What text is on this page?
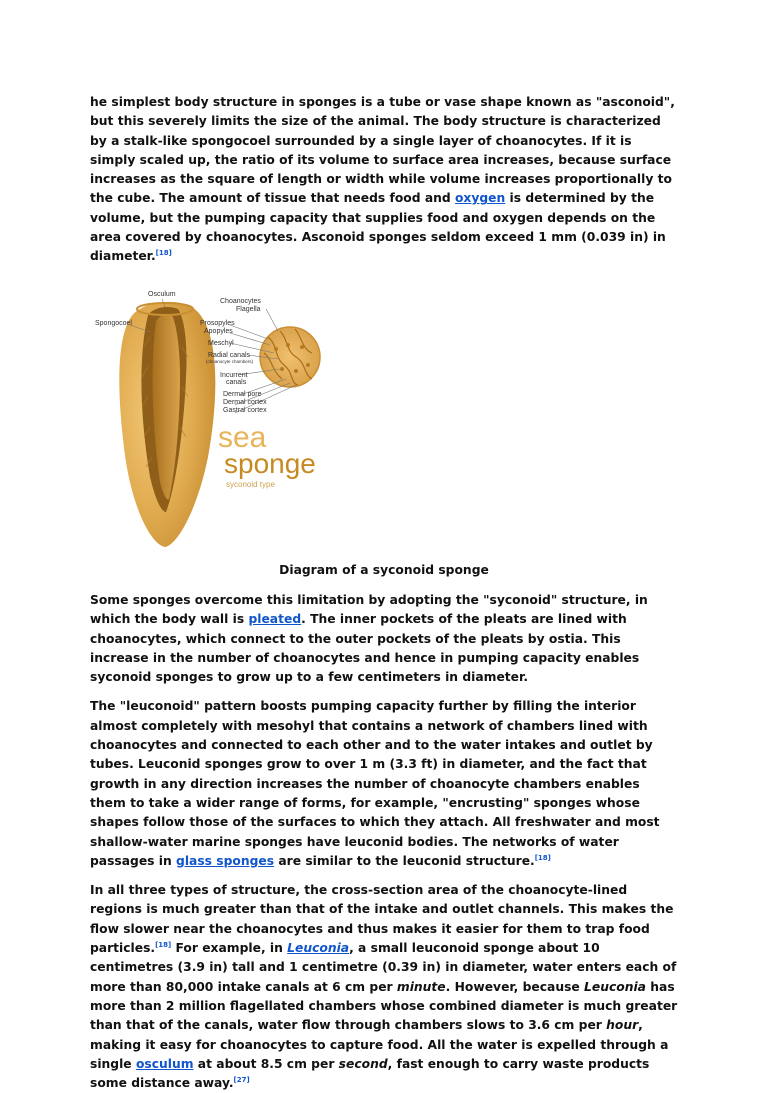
he simplest body structure in sponges is a tube or vase shape known as "asconoid", but this severely limits the size of the animal. The body structure is characterized by a stalk-like spongocoel surrounded by a single layer of choanocytes. If it is simply scaled up, the ratio of its volume to surface area increases, because surface increases as the square of length or width while volume increases proportionally to the cube. The amount of tissue that needs food and oxygen is determined by the volume, but the pumping capacity that supplies food and oxygen depends on the area covered by choanocytes. Asconoid sponges seldom exceed 1 mm (0.039 in) in diameter.[18]

Osculum
Spongocoel
Choanocytes
Flagella
Prosopyles
Apopyles
Meschyl
Radial canals
(choanocyte chambers)
Incurrent
canals
Dermal pore
Dermal cortex
Gastral cortex
sea
sponge
syconoid type

Diagram of a syconoid sponge

Some sponges overcome this limitation by adopting the "syconoid" structure, in which the body wall is pleated. The inner pockets of the pleats are lined with choanocytes, which connect to the outer pockets of the pleats by ostia. This increase in the number of choanocytes and hence in pumping capacity enables syconoid sponges to grow up to a few centimeters in diameter.

The "leuconoid" pattern boosts pumping capacity further by filling the interior almost completely with mesohyl that contains a network of chambers lined with choanocytes and connected to each other and to the water intakes and outlet by tubes. Leuconid sponges grow to over 1 m (3.3 ft) in diameter, and the fact that growth in any direction increases the number of choanocyte chambers enables them to take a wider range of forms, for example, "encrusting" sponges whose shapes follow those of the surfaces to which they attach. All freshwater and most shallow-water marine sponges have leuconid bodies. The networks of water passages in glass sponges are similar to the leuconid structure.[18]

In all three types of structure, the cross-section area of the choanocyte-lined regions is much greater than that of the intake and outlet channels. This makes the flow slower near the choanocytes and thus makes it easier for them to trap food particles.[18] For example, in Leuconia, a small leuconoid sponge about 10 centimetres (3.9 in) tall and 1 centimetre (0.39 in) in diameter, water enters each of more than 80,000 intake canals at 6 cm per minute. However, because Leuconia has more than 2 million flagellated chambers whose combined diameter is much greater than that of the canals, water flow through chambers slows to 3.6 cm per hour, making it easy for choanocytes to capture food. All the water is expelled through a single osculum at about 8.5 cm per second, fast enough to carry waste products some distance away.[27]
